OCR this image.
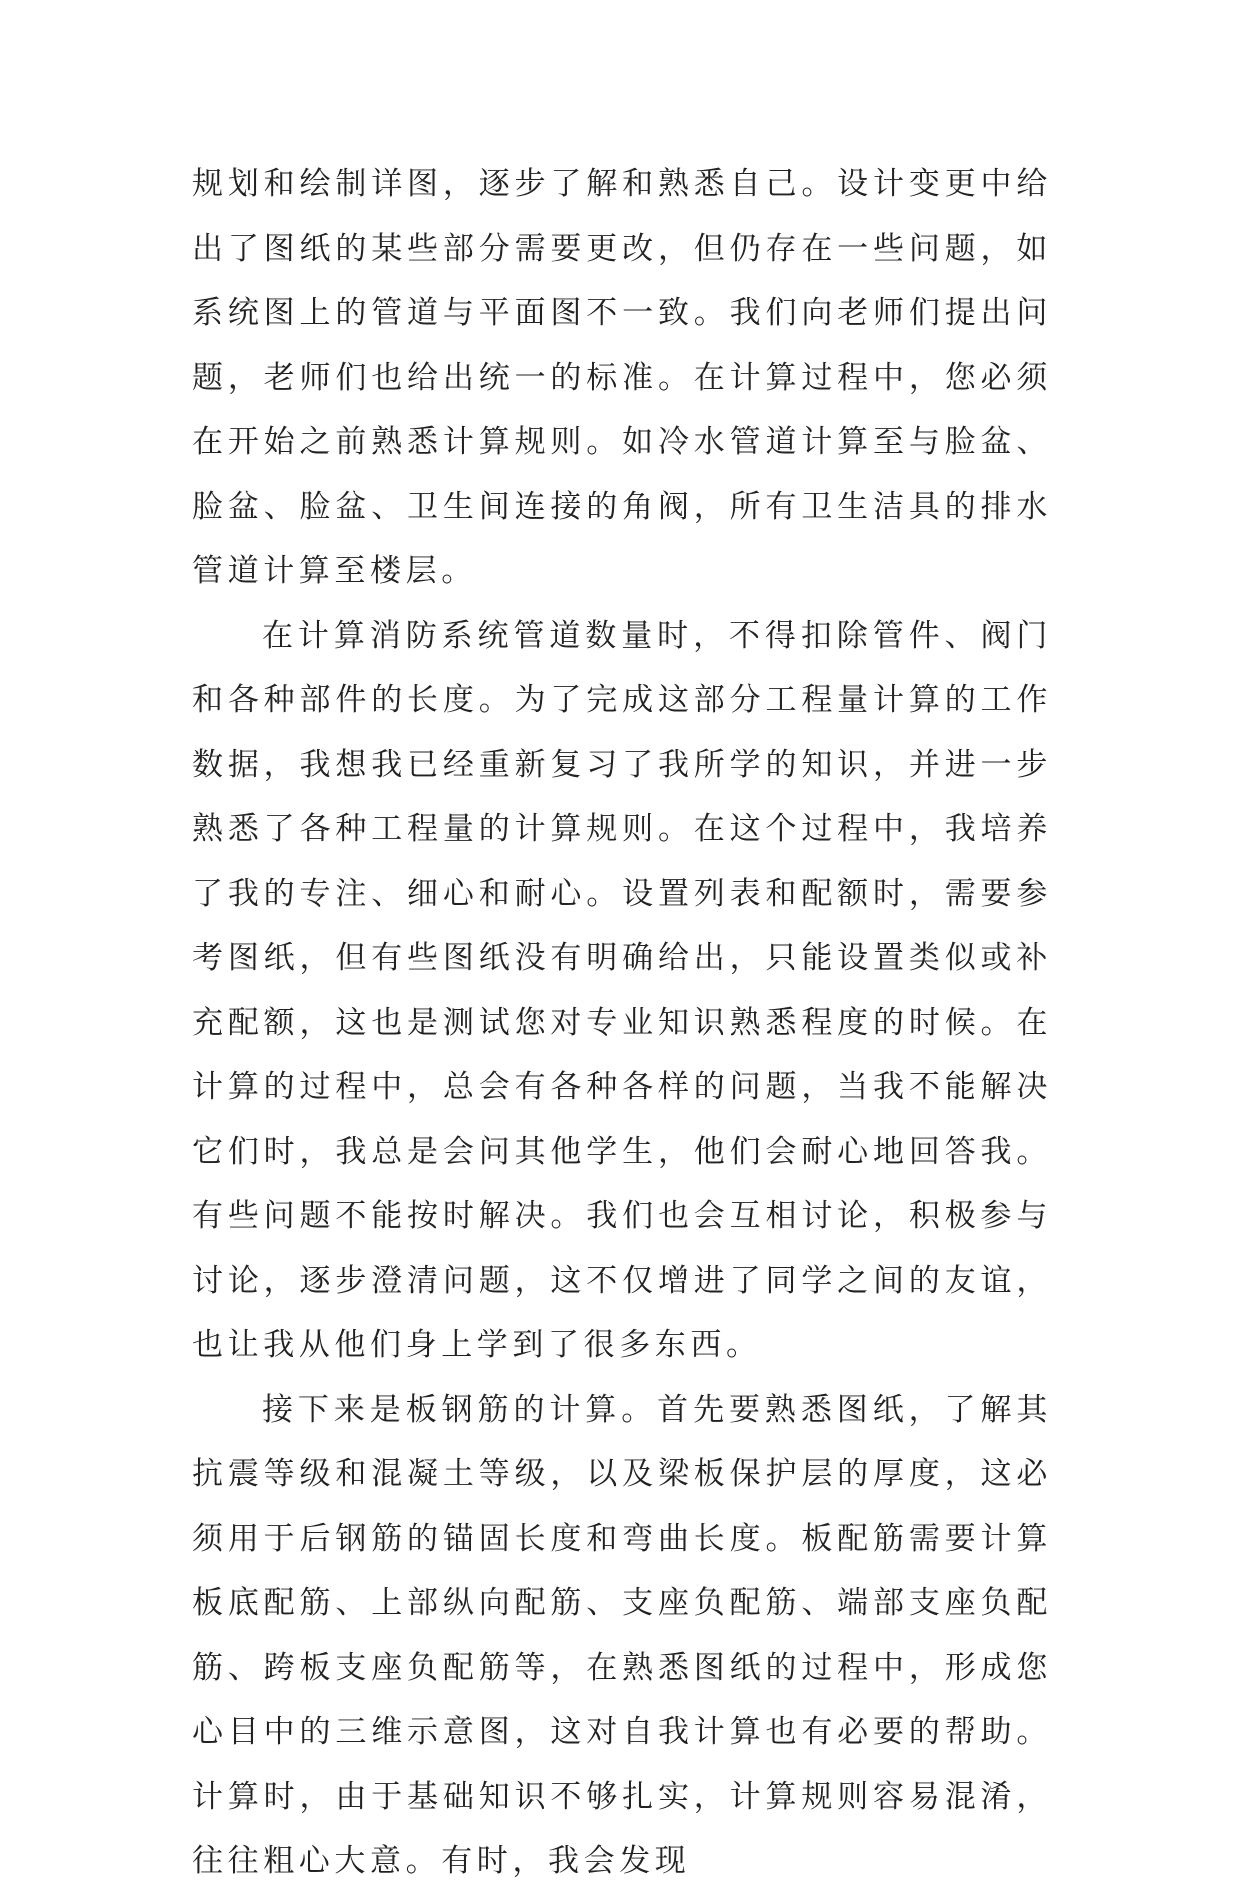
规划和绘制详图，逐步了解和熟悉自己。设计变更中给出了图纸的某些部分需要更改，但仍存在一些问题，如系统图上的管道与平面图不一致。我们向老师们提出问题，老师们也给出统一的标准。在计算过程中，您必须在开始之前熟悉计算规则。如冷水管道计算至与脸盆、脸盆、脸盆、卫生间连接的角阀，所有卫生洁具的排水管道计算至楼层。

在计算消防系统管道数量时，不得扣除管件、阀门和各种部件的长度。为了完成这部分工程量计算的工作数据，我想我已经重新复习了我所学的知识，并进一步熟悉了各种工程量的计算规则。在这个过程中，我培养了我的专注、细心和耐心。设置列表和配额时，需要参考图纸，但有些图纸没有明确给出，只能设置类似或补充配额，这也是测试您对专业知识熟悉程度的时候。在计算的过程中，总会有各种各样的问题，当我不能解决它们时，我总是会问其他学生，他们会耐心地回答我。有些问题不能按时解决。我们也会互相讨论，积极参与讨论，逐步澄清问题，这不仅增进了同学之间的友谊，也让我从他们身上学到了很多东西。

接下来是板钢筋的计算。首先要熟悉图纸，了解其抗震等级和混凝土等级，以及梁板保护层的厚度，这必须用于后钢筋的锚固长度和弯曲长度。板配筋需要计算板底配筋、上部纵向配筋、支座负配筋、端部支座负配筋、跨板支座负配筋等，在熟悉图纸的过程中，形成您心目中的三维示意图，这对自我计算也有必要的帮助。计算时，由于基础知识不够扎实，计算规则容易混淆，往往粗心大意。有时，我会发现
